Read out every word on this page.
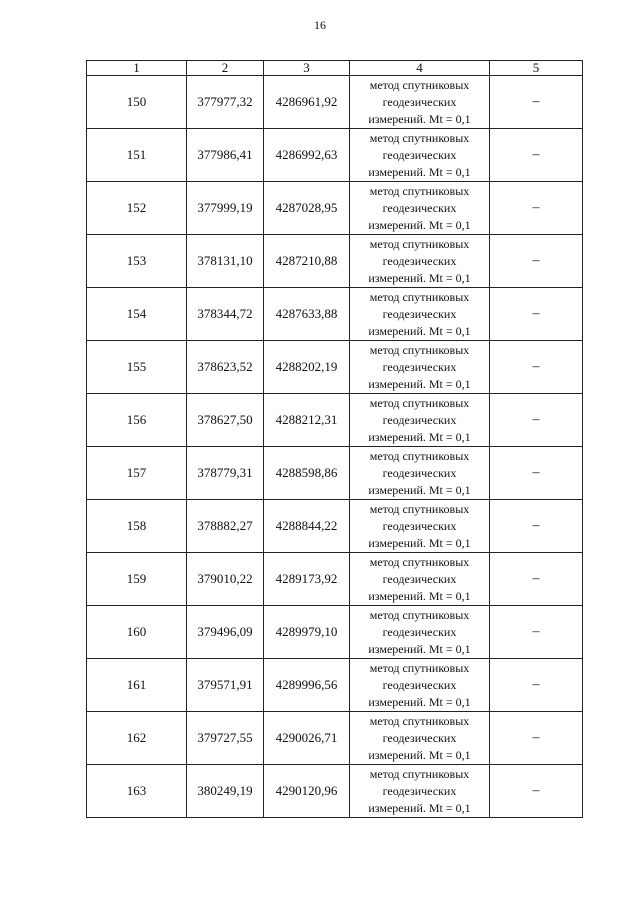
16
1	2	3	4	5
150	377977,32	4286961,92	метод спутниковых
геодезических
измерений. Mt = 0,1	–
151	377986,41	4286992,63	метод спутниковых
геодезических
измерений. Mt = 0,1	–
152	377999,19	4287028,95	метод спутниковых
геодезических
измерений. Mt = 0,1	–
153	378131,10	4287210,88	метод спутниковых
геодезических
измерений. Mt = 0,1	–
154	378344,72	4287633,88	метод спутниковых
геодезических
измерений. Mt = 0,1	–
155	378623,52	4288202,19	метод спутниковых
геодезических
измерений. Mt = 0,1	–
156	378627,50	4288212,31	метод спутниковых
геодезических
измерений. Mt = 0,1	–
157	378779,31	4288598,86	метод спутниковых
геодезических
измерений. Mt = 0,1	–
158	378882,27	4288844,22	метод спутниковых
геодезических
измерений. Mt = 0,1	–
159	379010,22	4289173,92	метод спутниковых
геодезических
измерений. Mt = 0,1	–
160	379496,09	4289979,10	метод спутниковых
геодезических
измерений. Mt = 0,1	–
161	379571,91	4289996,56	метод спутниковых
геодезических
измерений. Mt = 0,1	–
162	379727,55	4290026,71	метод спутниковых
геодезических
измерений. Mt = 0,1	–
163	380249,19	4290120,96	метод спутниковых
геодезических
измерений. Mt = 0,1	–
